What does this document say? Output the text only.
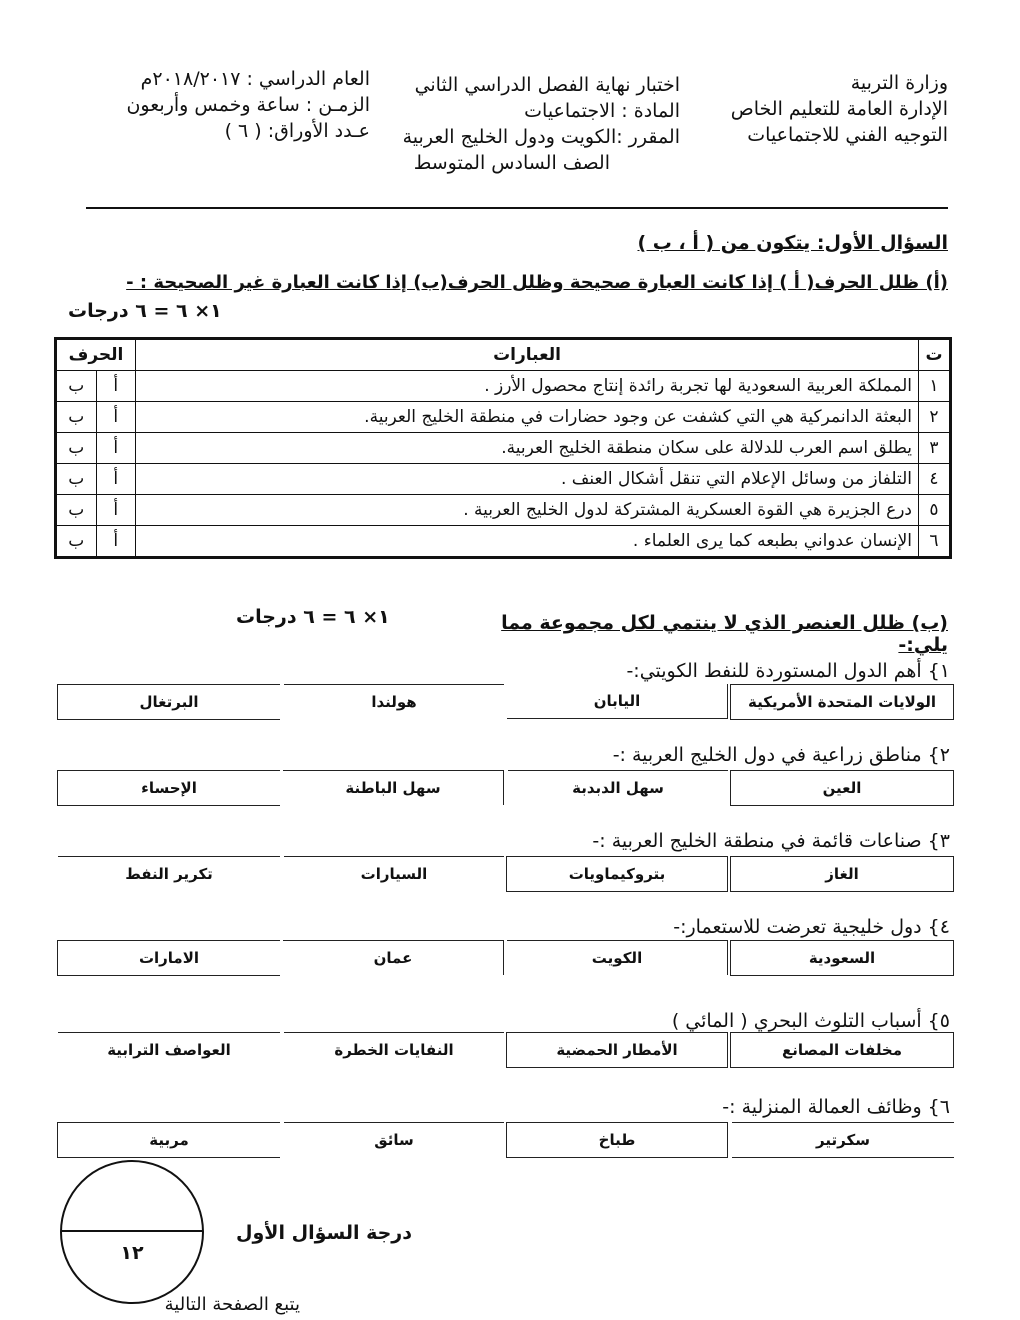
وزارة التربية
الإدارة العامة للتعليم الخاص
التوجيه الفني للاجتماعيات
اختبار نهاية الفصل الدراسي الثاني
المادة : الاجتماعيات
المقرر :الكويت ودول الخليج العربية
الصف السادس المتوسط
العام الدراسي : ٢٠١٨/٢٠١٧م
الزمـن : ساعة وخمس وأربعون
عـدد الأوراق: ( ٦ )
السؤال الأول: يتكون من ( أ ، ب )
(أ) ظلل الحرف( أ ) إذا كانت العبارة صحيحة وظلل الحرف(ب) إذا كانت العبارة غير الصحيحة : -
١× ٦ = ٦ درجات
ت	العبارات	الحرف	
١	المملكة العربية السعودية لها تجربة رائدة إنتاج محصول الأرز .	أ	ب
٢	البعثة الدانمركية هي التي كشفت عن وجود حضارات في منطقة الخليج العربية.	أ	ب
٣	يطلق اسم العرب للدلالة على سكان منطقة الخليج العربية.	أ	ب
٤	التلفاز من وسائل الإعلام التي تنقل أشكال العنف .	أ	ب
٥	درع الجزيرة هي القوة العسكرية المشتركة لدول الخليج العربية .	أ	ب
٦	الإنسان عدواني بطبعه كما يرى العلماء .	أ	ب
(ب) ظلل العنصر الذي لا ينتمي لكل مجموعة مما يلي:-
١× ٦ = ٦ درجات
١} أهم الدول المستوردة للنفط الكويتي:-
الولايات المتحدة الأمريكية
اليابان
هولندا
البرتغال
٢} مناطق زراعية في دول الخليج العربية :-
العين
سهل الدبدبة
سهل الباطنة
الإحساء
٣} صناعات قائمة في منطقة الخليج العربية :-
الغاز
بتروكيماويات
السيارات
تكرير النفط
٤} دول خليجية تعرضت للاستعمار:-
السعودية
الكويت
عمان
الامارات
٥} أسباب التلوث البحري ( المائي )
مخلفات المصانع
الأمطار الحمضية
النفايات الخطرة
العواصف الترابية
٦} وظائف العمالة المنزلية :-
سكرتير
طباخ
سائق
مربية
١٢
درجة السؤال الأول
يتبع الصفحة التالية
